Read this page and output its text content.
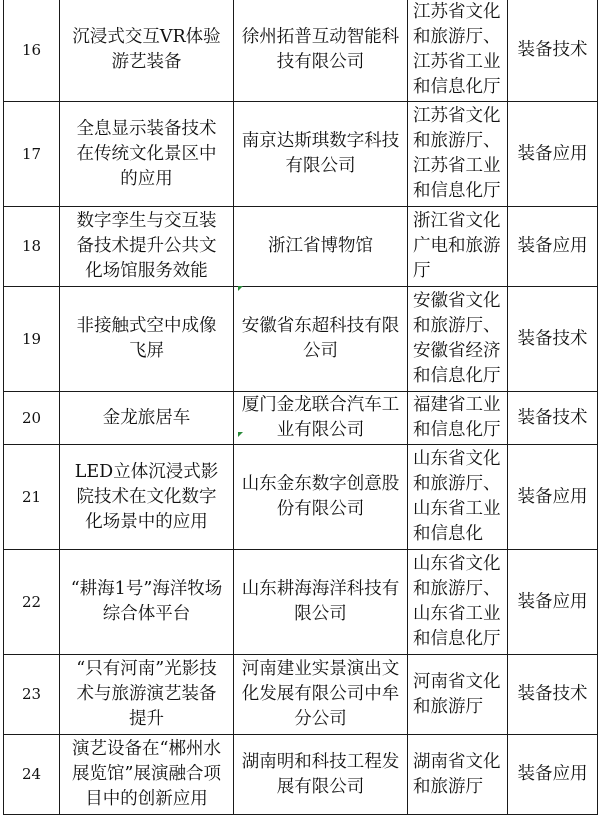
16	沉浸式交互VR体验游艺装备	徐州拓普互动智能科技有限公司	江苏省文化和旅游厅、江苏省工业和信息化厅	装备技术
17	全息显示装备技术在传统文化景区中的应用	南京达斯琪数字科技有限公司	江苏省文化和旅游厅、江苏省工业和信息化厅	装备应用
18	数字孪生与交互装备技术提升公共文化场馆服务效能	浙江省博物馆	浙江省文化广电和旅游厅	装备应用
19	非接触式空中成像飞屏	安徽省东超科技有限公司	安徽省文化和旅游厅、安徽省经济和信息化厅	装备技术
20	金龙旅居车	厦门金龙联合汽车工业有限公司	福建省工业和信息化厅	装备技术
21	LED立体沉浸式影院技术在文化数字化场景中的应用	山东金东数字创意股份有限公司	山东省文化和旅游厅、山东省工业和信息化	装备应用
22	“耕海1号”海洋牧场综合体平台	山东耕海海洋科技有限公司	山东省文化和旅游厅、山东省工业和信息化厅	装备应用
23	“只有河南”光影技术与旅游演艺装备提升	河南建业实景演出文化发展有限公司中牟分公司	河南省文化和旅游厅	装备技术
24	演艺设备在“郴州水展览馆”展演融合项目中的创新应用	湖南明和科技工程发展有限公司	湖南省文化和旅游厅	装备应用
